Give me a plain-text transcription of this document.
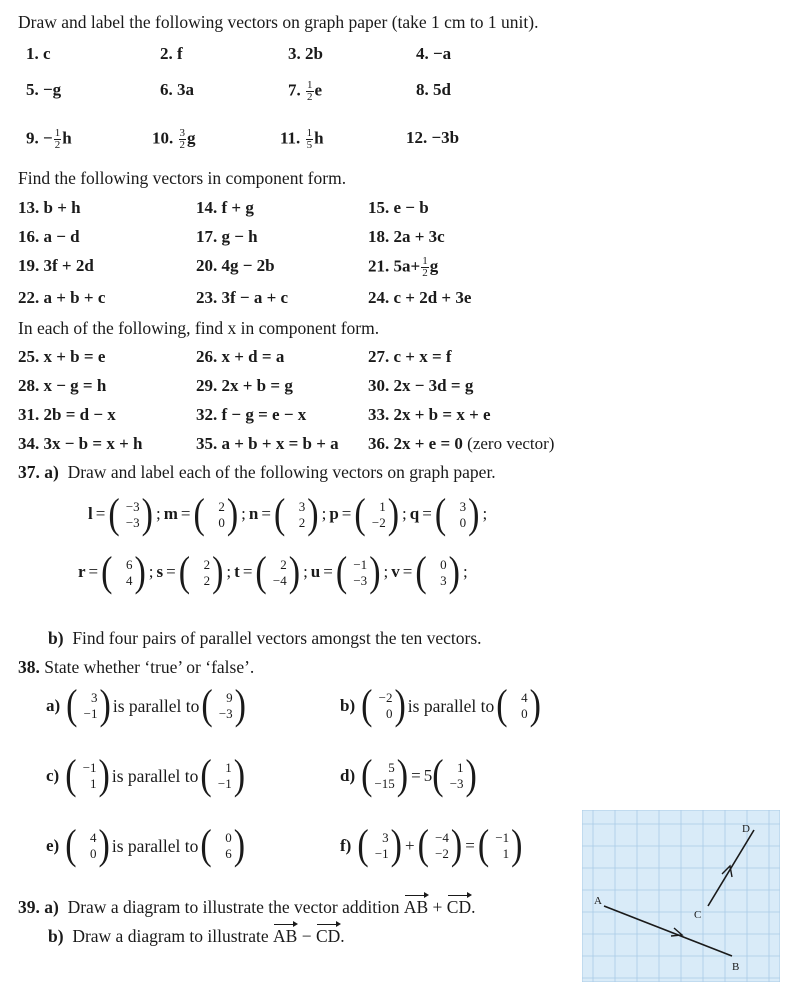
Draw and label the following vectors on graph paper (take 1 cm to 1 unit).
1. c	2. f	3. 2b	4. −a
5. −g	6. 3a	7. $\frac{1}{2}$ e	8. 5d
9. − $\frac{1}{2}$ h	10. $\frac{3}{2}$ g	11. $\frac{1}{5}$ h	12. −3b
Find the following vectors in component form.
13. b + h	14. f + g	15. e − b
16. a − d	17. g − h	18. 2a + 3c
19. 3f + 2d	20. 4g − 2b	21. $5a+ \frac{1}{2}$ g
22. a + b + c	23. 3f − a + c	24. c + 2d + 3e
In each of the following, find x in component form.
25. x + b = e	26. x + d = a	27. c + x = f
28. x − g = h	29. 2x + b = g	30. 2x − 3d = g
31. 2b = d − x	32. f − g = e − x	33. 2x + b = x + e
34. 3x − b = x + h	35. a + b + x = b + a 36. 2x + e = 0 (zero vector)
37. a) Draw and label each of the following vectors on graph paper.
l = ( −3
−3 ) ; m = ( 2
0 ) ; n = ( 3
2 ) ; p = ( 1
−2 ) ; q = ( 3
0 ) ;
r = ( 6
4 ) ; s = ( 2
2 ) ; t = ( 2
−4 ) ; u = ( −1
−3 ) ; v = ( 0
3 ) ;
b) Find four pairs of parallel vectors amongst the ten vectors.
38. State whether ‘true’ or ‘false’.
a) ( 3
−1 ) is parallel to ( 9
−3 )	b) ( −2
0 ) is parallel to ( 4
0 )
c) ( −1
1 ) is parallel to ( 1
−1 )	d) ( 5
−15 ) = 5 ( 1
−3 )
e) ( 4
0 ) is parallel to ( 0
6 )	f) ( 3
−1 ) + ( −4
−2 ) = ( −1
1 )
39. a) Draw a diagram to illustrate the vector addition AB + CD.
b) Draw a diagram to illustrate AB − CD.
A
B
C
D
